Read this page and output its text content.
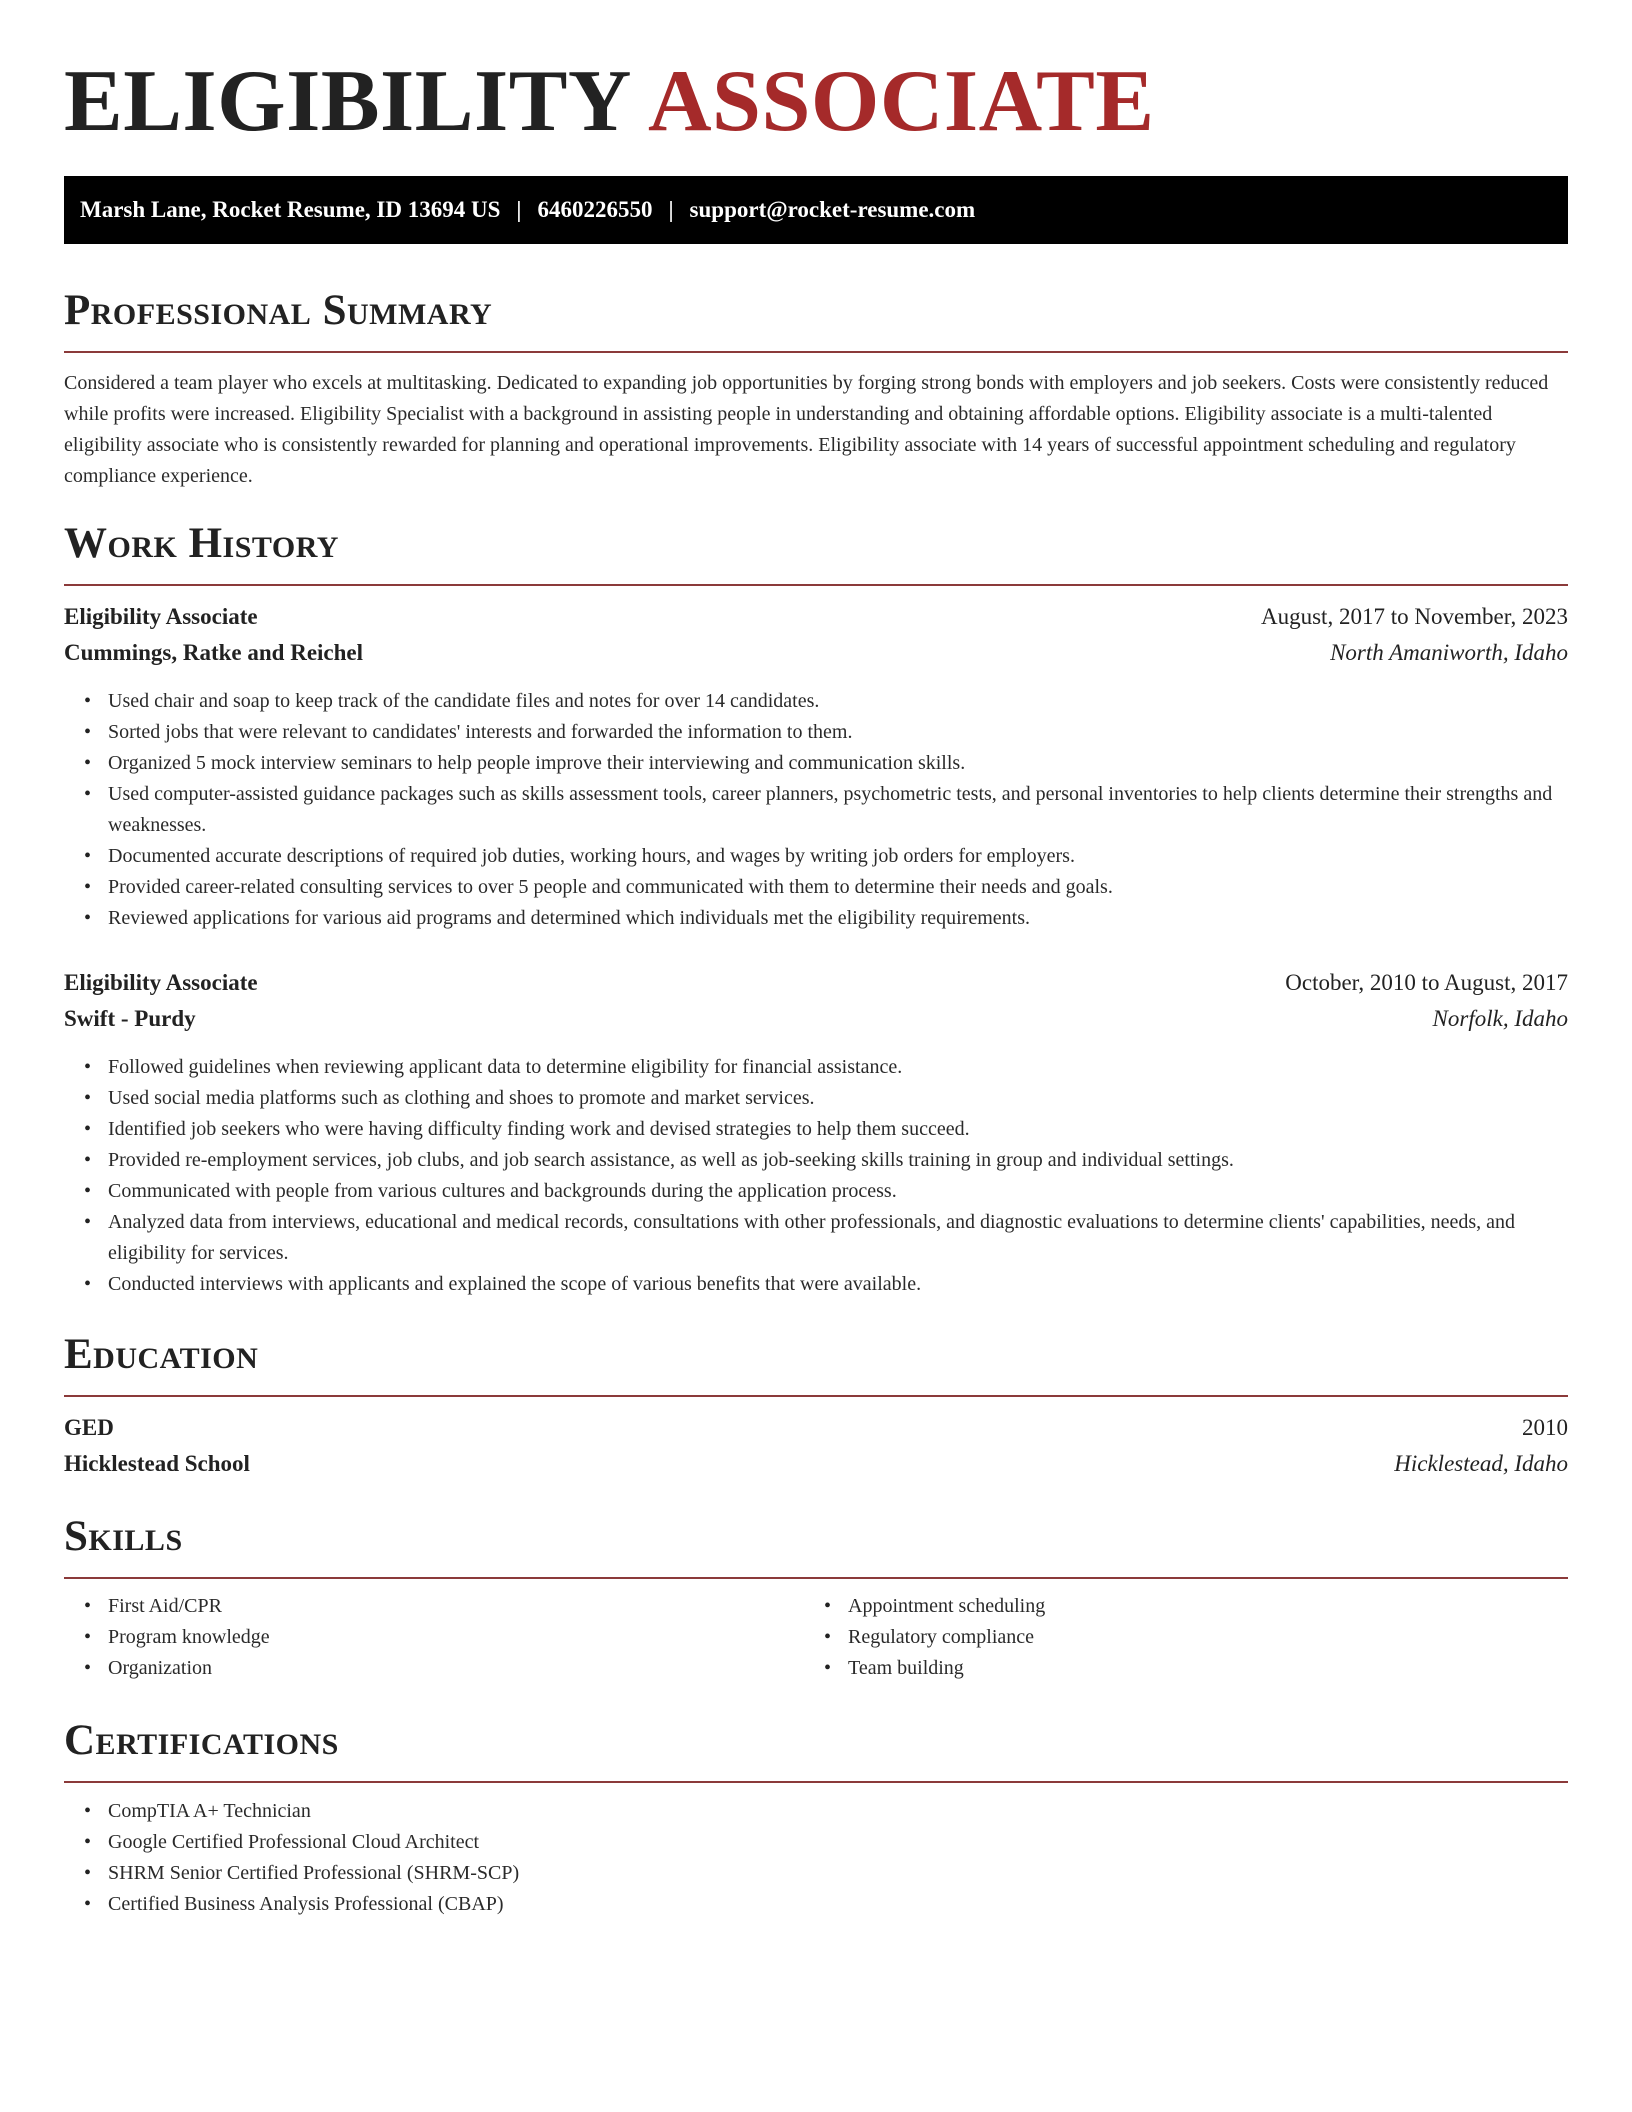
ELIGIBILITY ASSOCIATE
Marsh Lane, Rocket Resume, ID 13694 US | 6460226550 | support@rocket-resume.com
Professional Summary

Considered a team player who excels at multitasking. Dedicated to expanding job opportunities by forging strong bonds with employers and job seekers. Costs were consistently reduced while profits were increased. Eligibility Specialist with a background in assisting people in understanding and obtaining affordable options. Eligibility associate is a multi-talented eligibility associate who is consistently rewarded for planning and operational improvements. Eligibility associate with 14 years of successful appointment scheduling and regulatory compliance experience.

Work History
Eligibility Associate	August, 2017 to November, 2023
Cummings, Ratke and Reichel	North Amaniworth, Idaho
• Used chair and soap to keep track of the candidate files and notes for over 14 candidates.
• Sorted jobs that were relevant to candidates' interests and forwarded the information to them.
• Organized 5 mock interview seminars to help people improve their interviewing and communication skills.
• Used computer-assisted guidance packages such as skills assessment tools, career planners, psychometric tests, and personal inventories to help clients determine their strengths and weaknesses.
• Documented accurate descriptions of required job duties, working hours, and wages by writing job orders for employers.
• Provided career-related consulting services to over 5 people and communicated with them to determine their needs and goals.
• Reviewed applications for various aid programs and determined which individuals met the eligibility requirements.
Eligibility Associate	October, 2010 to August, 2017
Swift - Purdy	Norfolk, Idaho
• Followed guidelines when reviewing applicant data to determine eligibility for financial assistance.
• Used social media platforms such as clothing and shoes to promote and market services.
• Identified job seekers who were having difficulty finding work and devised strategies to help them succeed.
• Provided re-employment services, job clubs, and job search assistance, as well as job-seeking skills training in group and individual settings.
• Communicated with people from various cultures and backgrounds during the application process.
• Analyzed data from interviews, educational and medical records, consultations with other professionals, and diagnostic evaluations to determine clients' capabilities, needs, and eligibility for services.
• Conducted interviews with applicants and explained the scope of various benefits that were available.
Education
GED	2010
Hicklestead School	Hicklestead, Idaho
Skills
• First Aid/CPR
• Program knowledge
• Organization
• Appointment scheduling
• Regulatory compliance
• Team building
Certifications
• CompTIA A+ Technician
• Google Certified Professional Cloud Architect
• SHRM Senior Certified Professional (SHRM-SCP)
• Certified Business Analysis Professional (CBAP)
